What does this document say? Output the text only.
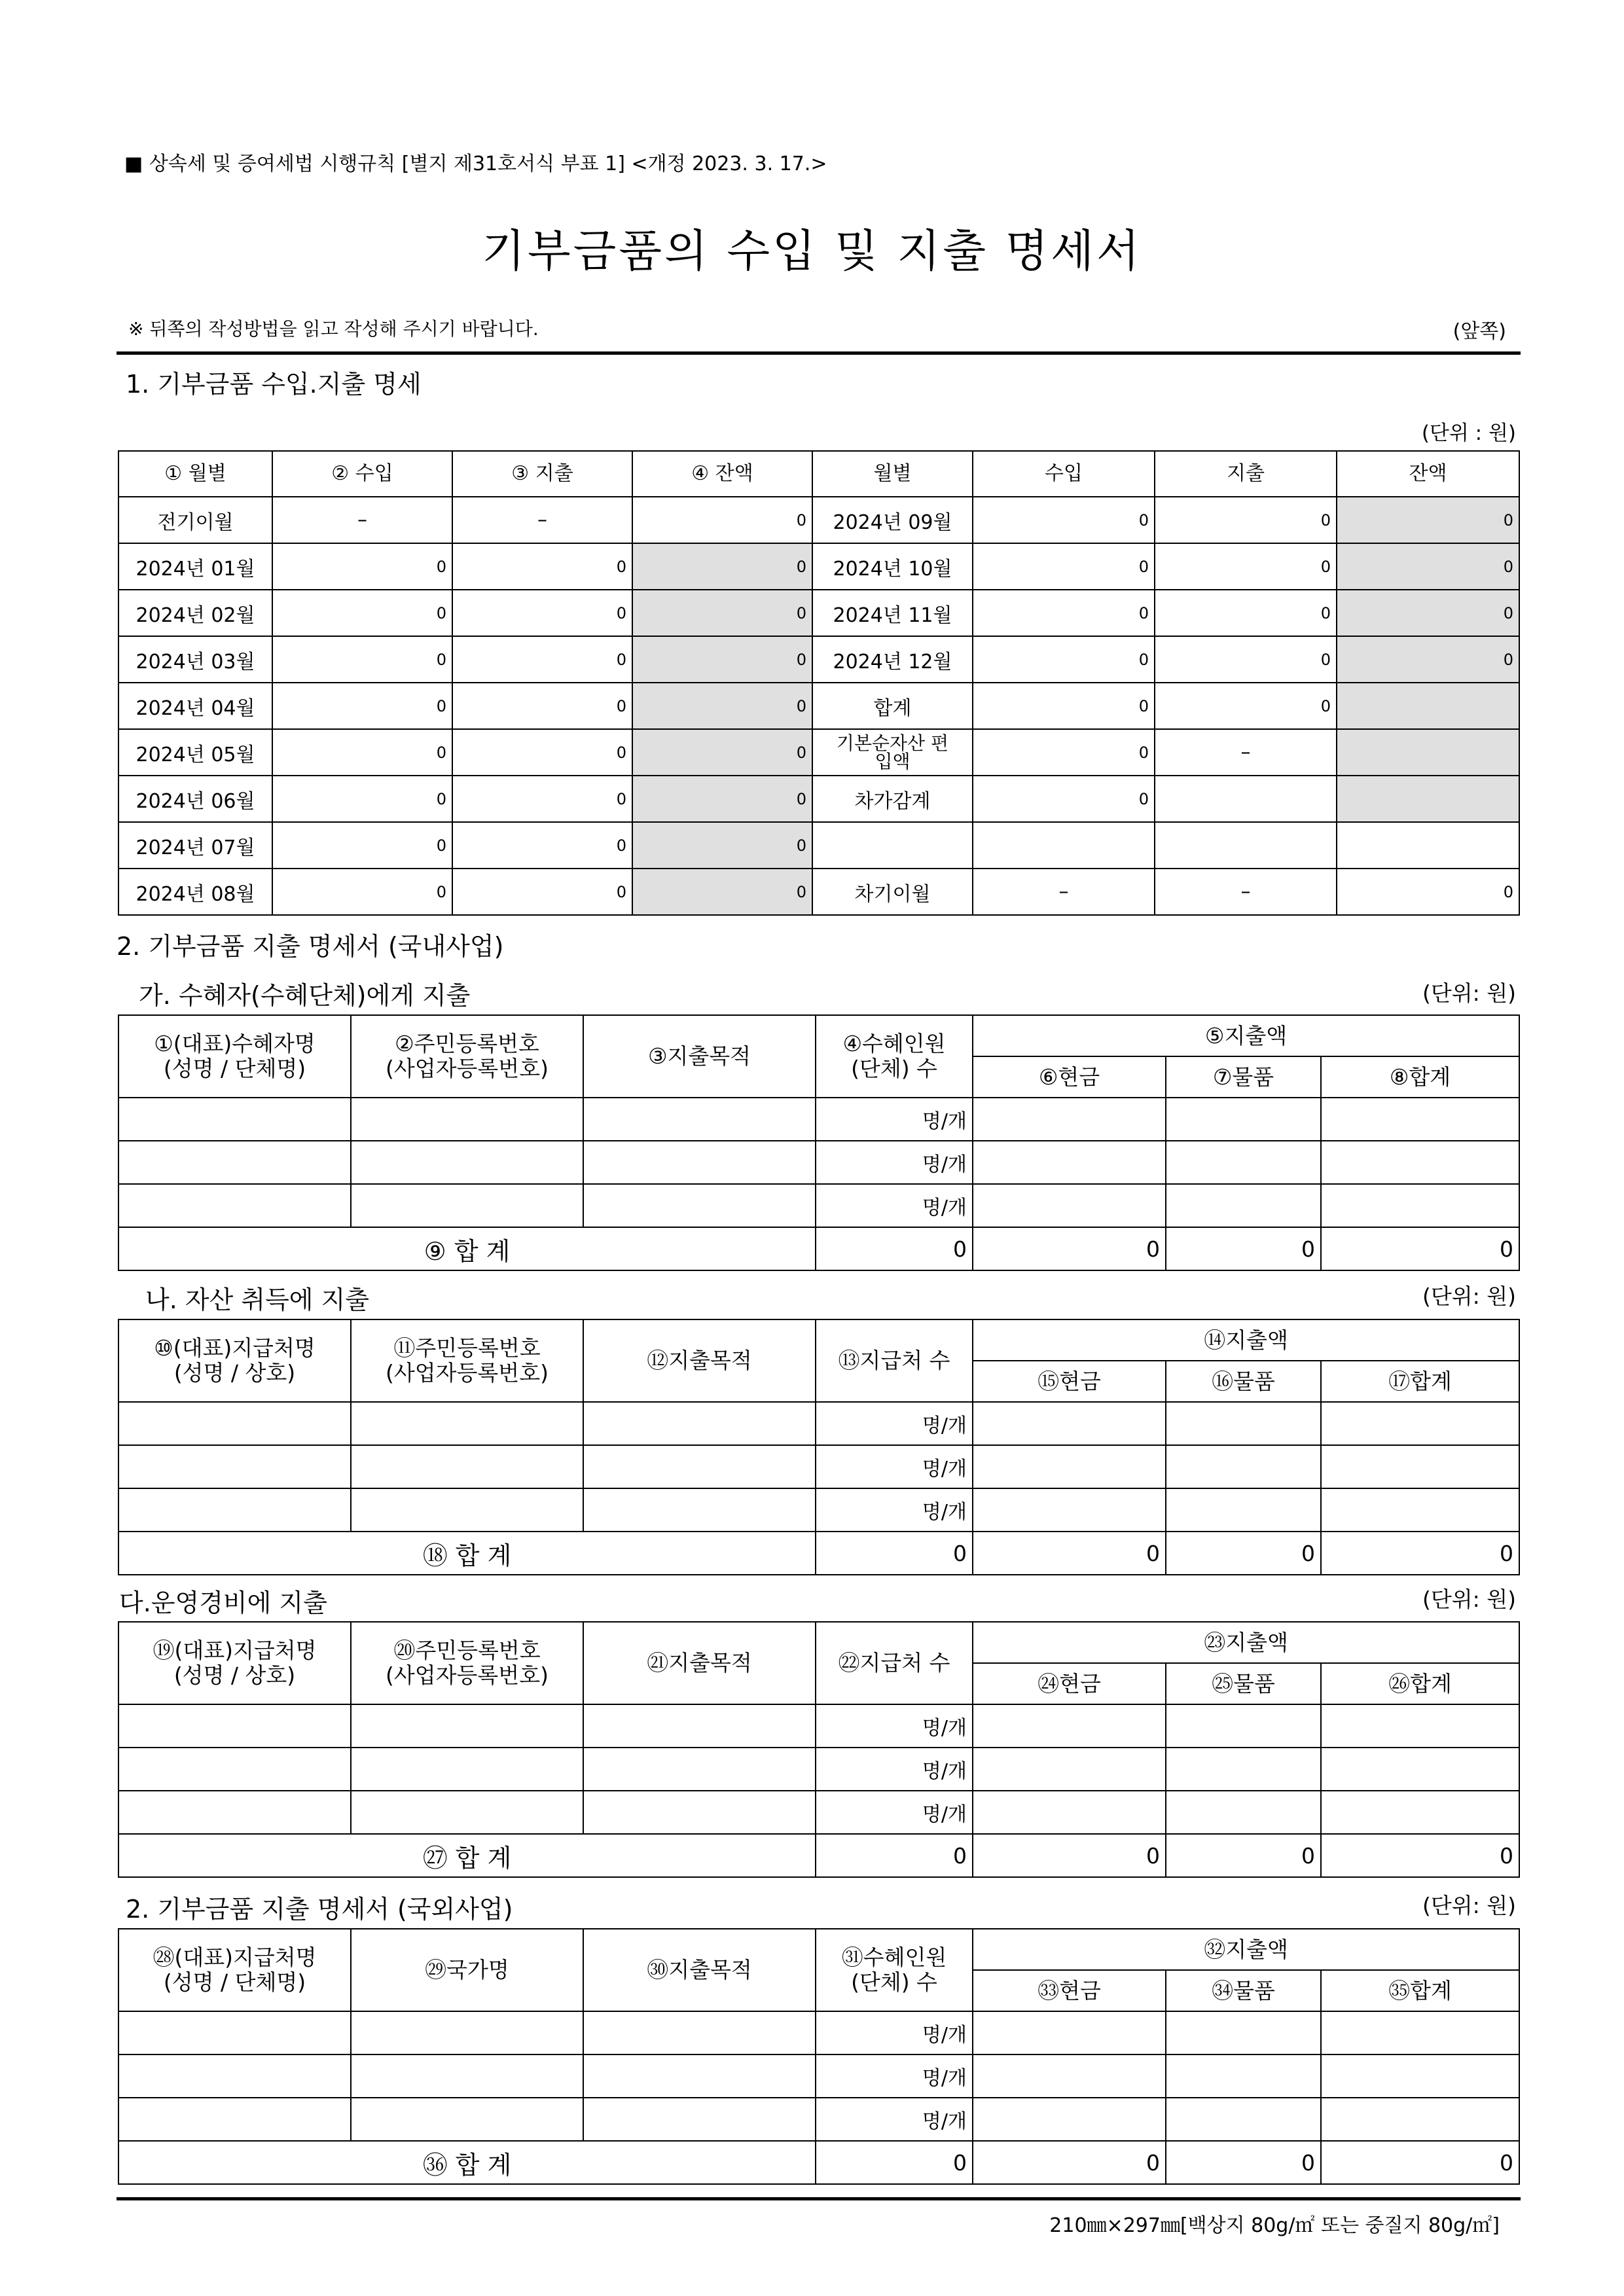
■ 상속세 및 증여세법 시행규칙 [별지 제31호서식 부표 1] <개정 2023. 3. 17.>
기부금품의 수입 및 지출 명세서
※ 뒤쪽의 작성방법을 읽고 작성해 주시기 바랍니다.	(앞쪽)
1. 기부금품 수입.지출 명세
(단위 : 원)
① 월별	② 수입	③ 지출	④ 잔액	월별	수입	지출	잔액
전기이월	–	–	0	2024년 09월	0	0	0
2024년 01월	0	0	0	2024년 10월	0	0	0
2024년 02월	0	0	0	2024년 11월	0	0	0
2024년 03월	0	0	0	2024년 12월	0	0	0
2024년 04월	0	0	0	합계	0	0	
2024년 05월	0	0	0	기본순자산 편입액	0	–	
2024년 06월	0	0	0	차가감계	0		
2024년 07월	0	0	0				
2024년 08월	0	0	0	차기이월	–	–	0
2. 기부금품 지출 명세서 (국내사업)
가. 수혜자(수혜단체)에게 지출	(단위: 원)
①(대표)수혜자명
(성명 / 단체명)	②주민등록번호
(사업자등록번호)	③지출목적	④수혜인원
(단체) 수	⑤지출액		
				⑥현금	⑦물품	⑧합계
			명/개			
			명/개			
			명/개			
⑨ 합 계			0	0	0	0
나. 자산 취득에 지출	(단위: 원)
⑩(대표)지급처명
(성명 / 상호)	⑪주민등록번호
(사업자등록번호)	⑫지출목적	⑬지급처 수	⑭지출액		
				⑮현금	⑯물품	⑰합계
			명/개			
			명/개			
			명/개			
⑱ 합 계			0	0	0	0
다.운영경비에 지출	(단위: 원)
⑲(대표)지급처명
(성명 / 상호)	⑳주민등록번호
(사업자등록번호)	㉑지출목적	㉒지급처 수	㉓지출액		
				㉔현금	㉕물품	㉖합계
			명/개			
			명/개			
			명/개			
㉗ 합 계			0	0	0	0
2. 기부금품 지출 명세서 (국외사업)	(단위: 원)
㉘(대표)지급처명
(성명 / 단체명)	㉙국가명	㉚지출목적	㉛수혜인원
(단체) 수	㉜지출액		
				㉝현금	㉞물품	㉟합계
			명/개			
			명/개			
			명/개			
㊱ 합 계			0	0	0	0
210㎜×297㎜[백상지 80g/㎡ 또는 중질지 80g/㎡]
